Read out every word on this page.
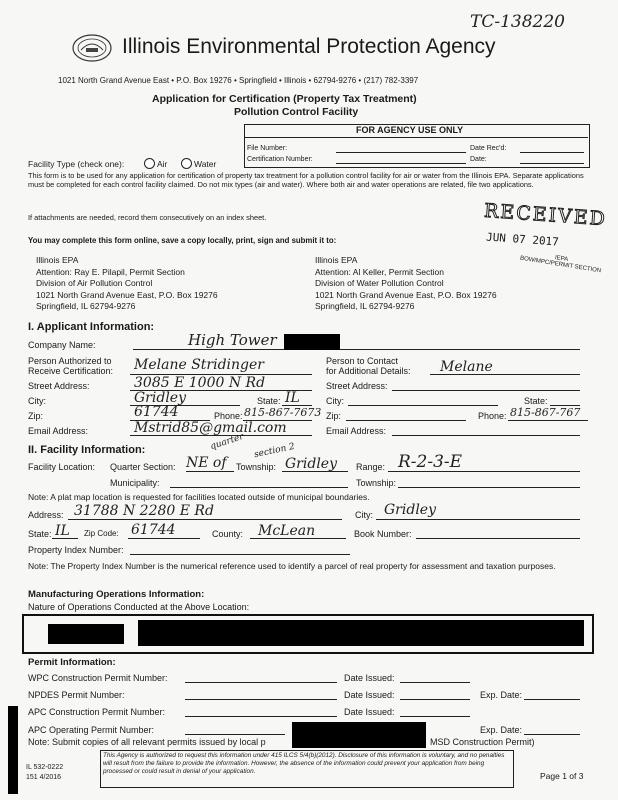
TC-138220
Illinois Environmental Protection Agency
1021 North Grand Avenue East • P.O. Box 19276 • Springfield • Illinois • 62794-9276 • (217) 782-3397
Application for Certification (Property Tax Treatment)
Pollution Control Facility
FOR AGENCY USE ONLY
File Number:	Date Rec'd:
Certification Number:	Date:
Facility Type (check one):	Air	Water
This form is to be used for any application for certification of property tax treatment for a pollution control facility for air or water from the Illinois EPA. Separate applications must be completed for each control facility claimed. Do not mix types (air and water). Where both air and water operations are related, file two applications.
If attachments are needed, record them consecutively on an index sheet.
You may complete this form online, save a copy locally, print, sign and submit it to:
RECEIVED
JUN 07 2017
IEPA
BOW/MPC/PERMIT SECTION
Illinois EPA
Attention: Ray E. Pilapil, Permit Section
Division of Air Pollution Control
1021 North Grand Avenue East, P.O. Box 19276
Springfield, IL 62794-9276
Illinois EPA
Attention: Al Keller, Permit Section
Division of Water Pollution Control
1021 North Grand Avenue East, P.O. Box 19276
Springfield, IL 62794-9276
I. Applicant Information:
Company Name:	High Tower
Person Authorized to
Receive Certification: Melane Stridinger	Person to Contact
for Additional Details: Melane
Street Address:	3085 E 1000 N Rd	Street Address:
City:	Gridley	State: IL	City:	State:
Zip:	61744	Phone: 815-867-7673 Zip:	Phone: 815-867-767
Email Address:	Mstrid85@gmail.com	Email Address:
II. Facility Information:	quarter section 2
Facility Location: Quarter Section: NE of Township: Gridley Range: R-2-3-E
Municipality:	Township:
Note: A plat map location is requested for facilities located outside of municipal boundaries.
Address: 31788 N 2280 E Rd	City: Gridley
State: IL Zip Code: 61744	County: McLean	Book Number:
Property Index Number:
Note: The Property Index Number is the numerical reference used to identify a parcel of real property for assessment and taxation purposes.
Manufacturing Operations Information:
Nature of Operations Conducted at the Above Location:
Permit Information:
WPC Construction Permit Number:	Date Issued:
NPDES Permit Number:	Date Issued:	Exp. Date:
APC Construction Permit Number:	Date Issued:
APC Operating Permit Number:	Exp. Date:
Note: Submit copies of all relevant permits issued by local p	MSD Construction Permit)
IL 532-0222
151 4/2016
This Agency is authorized to request this information under 415 ILCS 5/4(b)(2012). Disclosure of this information is voluntary, and no penalties will result from the failure to provide the information. However, the absence of the information could prevent your application from being processed or could result in denial of your application.	Page 1 of 3
